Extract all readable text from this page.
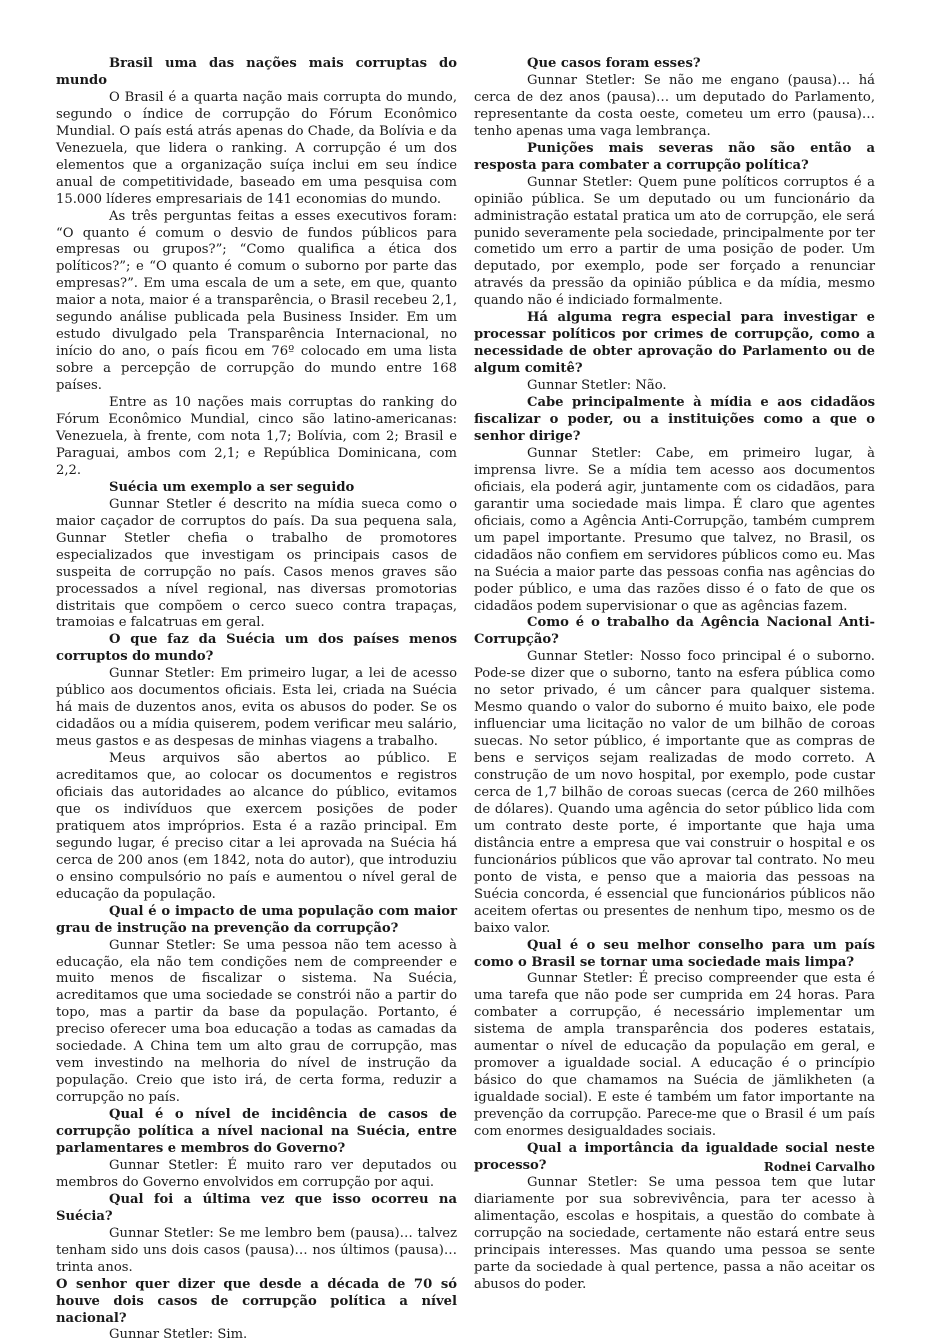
Brasil uma das nações mais corruptas do mundo

O Brasil é a quarta nação mais corrupta do mundo, segundo o índice de corrupção do Fórum Econômico Mundial. O país está atrás apenas do Chade, da Bolívia e da Venezuela, que lidera o ranking. A corrupção é um dos elementos que a organização suíça inclui em seu índice anual de competitividade, baseado em uma pesquisa com 15.000 líderes empresariais de 141 economias do mundo.

As três perguntas feitas a esses executivos foram: “O quanto é comum o desvio de fundos públicos para empresas ou grupos?”; “Como qualifica a ética dos políticos?”; e “O quanto é comum o suborno por parte das empresas?”. Em uma escala de um a sete, em que, quanto maior a nota, maior é a transparência, o Brasil recebeu 2,1, segundo análise publicada pela Business Insider. Em um estudo divulgado pela Transparência Internacional, no início do ano, o país ficou em 76º colocado em uma lista sobre a percepção de corrupção do mundo entre 168 países.

Entre as 10 nações mais corruptas do ranking do Fórum Econômico Mundial, cinco são latino-americanas: Venezuela, à frente, com nota 1,7; Bolívia, com 2; Brasil e Paraguai, ambos com 2,1; e República Dominicana, com 2,2.

Suécia um exemplo a ser seguido

Gunnar Stetler é descrito na mídia sueca como o maior caçador de corruptos do país. Da sua pequena sala, Gunnar Stetler chefia o trabalho de promotores especializados que investigam os principais casos de suspeita de corrupção no país. Casos menos graves são processados a nível regional, nas diversas promotorias distritais que compõem o cerco sueco contra trapaças, tramoias e falcatruas em geral.

O que faz da Suécia um dos países menos corruptos do mundo?

Gunnar Stetler: Em primeiro lugar, a lei de acesso público aos documentos oficiais. Esta lei, criada na Suécia há mais de duzentos anos, evita os abusos do poder. Se os cidadãos ou a mídia quiserem, podem verificar meu salário, meus gastos e as despesas de minhas viagens a trabalho.

Meus arquivos são abertos ao público. E acreditamos que, ao colocar os documentos e registros oficiais das autoridades ao alcance do público, evitamos que os indivíduos que exercem posições de poder pratiquem atos impróprios. Esta é a razão principal. Em segundo lugar, é preciso citar a lei aprovada na Suécia há cerca de 200 anos (em 1842, nota do autor), que introduziu o ensino compulsório no país e aumentou o nível geral de educação da população.

Qual é o impacto de uma população com maior grau de instrução na prevenção da corrupção?

Gunnar Stetler: Se uma pessoa não tem acesso à educação, ela não tem condições nem de compreender e muito menos de fiscalizar o sistema. Na Suécia, acreditamos que uma sociedade se constrói não a partir do topo, mas a partir da base da população. Portanto, é preciso oferecer uma boa educação a todas as camadas da sociedade. A China tem um alto grau de corrupção, mas vem investindo na melhoria do nível de instrução da população. Creio que isto irá, de certa forma, reduzir a corrupção no país.

Qual é o nível de incidência de casos de corrupção política a nível nacional na Suécia, entre parlamentares e membros do Governo?

Gunnar Stetler: É muito raro ver deputados ou membros do Governo envolvidos em corrupção por aqui.

Qual foi a última vez que isso ocorreu na Suécia?

Gunnar Stetler: Se me lembro bem (pausa)… talvez tenham sido uns dois casos (pausa)… nos últimos (pausa)… trinta anos.

O senhor quer dizer que desde a década de 70 só houve dois casos de corrupção política a nível nacional?

Gunnar Stetler: Sim.

Que casos foram esses?

Gunnar Stetler: Se não me engano (pausa)… há cerca de dez anos (pausa)… um deputado do Parlamento, representante da costa oeste, cometeu um erro (pausa)… tenho apenas uma vaga lembrança.

Punições mais severas não são então a resposta para combater a corrupção política?

Gunnar Stetler: Quem pune políticos corruptos é a opinião pública. Se um deputado ou um funcionário da administração estatal pratica um ato de corrupção, ele será punido severamente pela sociedade, principalmente por ter cometido um erro a partir de uma posição de poder. Um deputado, por exemplo, pode ser forçado a renunciar através da pressão da opinião pública e da mídia, mesmo quando não é indiciado formalmente.

Há alguma regra especial para investigar e processar políticos por crimes de corrupção, como a necessidade de obter aprovação do Parlamento ou de algum comitê?

Gunnar Stetler: Não.

Cabe principalmente à mídia e aos cidadãos fiscalizar o poder, ou a instituições como a que o senhor dirige?

Gunnar Stetler: Cabe, em primeiro lugar, à imprensa livre. Se a mídia tem acesso aos documentos oficiais, ela poderá agir, juntamente com os cidadãos, para garantir uma sociedade mais limpa. É claro que agentes oficiais, como a Agência Anti-Corrupção, também cumprem um papel importante. Presumo que talvez, no Brasil, os cidadãos não confiem em servidores públicos como eu. Mas na Suécia a maior parte das pessoas confia nas agências do poder público, e uma das razões disso é o fato de que os cidadãos podem supervisionar o que as agências fazem.

Como é o trabalho da Agência Nacional Anti-Corrupção?

Gunnar Stetler: Nosso foco principal é o suborno. Pode-se dizer que o suborno, tanto na esfera pública como no setor privado, é um câncer para qualquer sistema. Mesmo quando o valor do suborno é muito baixo, ele pode influenciar uma licitação no valor de um bilhão de coroas suecas. No setor público, é importante que as compras de bens e serviços sejam realizadas de modo correto. A construção de um novo hospital, por exemplo, pode custar cerca de 1,7 bilhão de coroas suecas (cerca de 260 milhões de dólares). Quando uma agência do setor público lida com um contrato deste porte, é importante que haja uma distância entre a empresa que vai construir o hospital e os funcionários públicos que vão aprovar tal contrato. No meu ponto de vista, e penso que a maioria das pessoas na Suécia concorda, é essencial que funcionários públicos não aceitem ofertas ou presentes de nenhum tipo, mesmo os de baixo valor.

Qual é o seu melhor conselho para um país como o Brasil se tornar uma sociedade mais limpa?

Gunnar Stetler: É preciso compreender que esta é uma tarefa que não pode ser cumprida em 24 horas. Para combater a corrupção, é necessário implementar um sistema de ampla transparência dos poderes estatais, aumentar o nível de educação da população em geral, e promover a igualdade social. A educação é o princípio básico do que chamamos na Suécia de jämlikheten (a igualdade social). E este é também um fator importante na prevenção da corrupção. Parece-me que o Brasil é um país com enormes desigualdades sociais.

Qual a importância da igualdade social neste processo?

Gunnar Stetler: Se uma pessoa tem que lutar diariamente por sua sobrevivência, para ter acesso à alimentação, escolas e hospitais, a questão do combate à corrupção na sociedade, certamente não estará entre seus principais interesses. Mas quando uma pessoa se sente parte da sociedade à qual pertence, passa a não aceitar os abusos do poder.

Rodnei Carvalho
